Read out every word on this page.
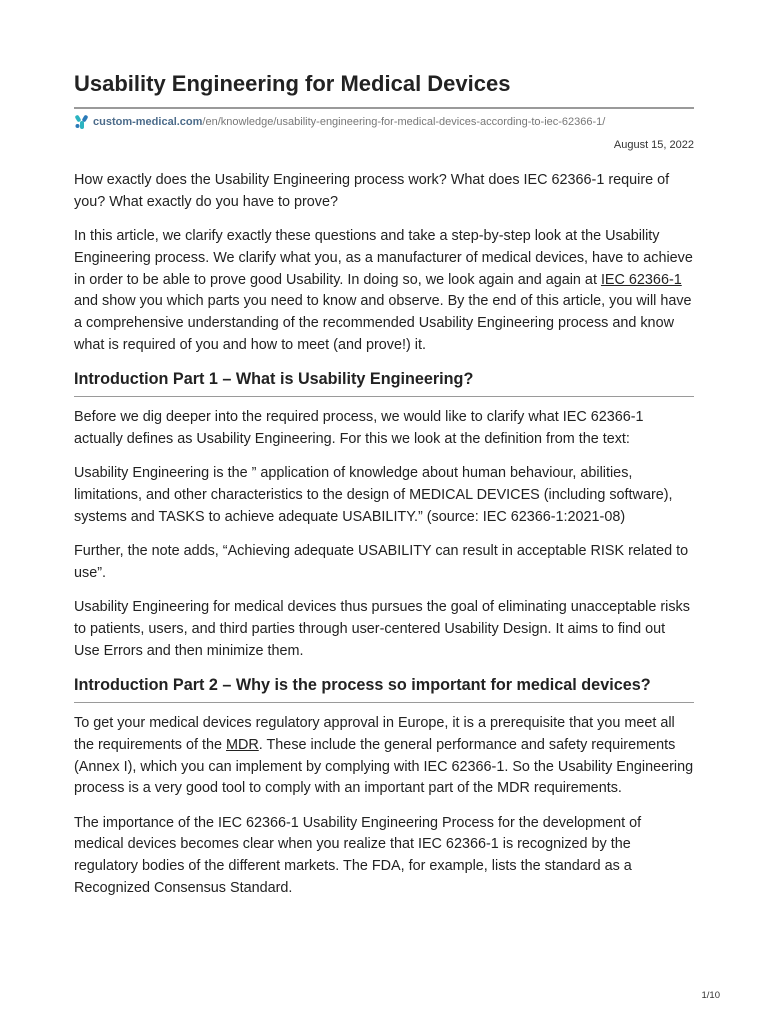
Usability Engineering for Medical Devices
custom-medical.com /en/knowledge/usability-engineering-for-medical-devices-according-to-iec-62366-1/
August 15, 2022

How exactly does the Usability Engineering process work? What does IEC 62366-1 require of you? What exactly do you have to prove?

In this article, we clarify exactly these questions and take a step-by-step look at the Usability Engineering process. We clarify what you, as a manufacturer of medical devices, have to achieve in order to be able to prove good Usability. In doing so, we look again and again at IEC 62366-1 and show you which parts you need to know and observe. By the end of this article, you will have a comprehensive understanding of the recommended Usability Engineering process and know what is required of you and how to meet (and prove!) it.

Introduction Part 1 – What is Usability Engineering?

Before we dig deeper into the required process, we would like to clarify what IEC 62366-1 actually defines as Usability Engineering. For this we look at the definition from the text:

Usability Engineering is the ” application of knowledge about human behaviour, abilities, limitations, and other characteristics to the design of MEDICAL DEVICES (including software), systems and TASKS to achieve adequate USABILITY.” (source: IEC 62366-1:2021-08)

Further, the note adds, “Achieving adequate USABILITY can result in acceptable RISK related to use”.

Usability Engineering for medical devices thus pursues the goal of eliminating unacceptable risks to patients, users, and third parties through user-centered Usability Design. It aims to find out Use Errors and then minimize them.

Introduction Part 2 – Why is the process so important for medical devices?

To get your medical devices regulatory approval in Europe, it is a prerequisite that you meet all the requirements of the MDR. These include the general performance and safety requirements (Annex I), which you can implement by complying with IEC 62366-1. So the Usability Engineering process is a very good tool to comply with an important part of the MDR requirements.

The importance of the IEC 62366-1 Usability Engineering Process for the development of medical devices becomes clear when you realize that IEC 62366-1 is recognized by the regulatory bodies of the different markets. The FDA, for example, lists the standard as a Recognized Consensus Standard.

1/10
